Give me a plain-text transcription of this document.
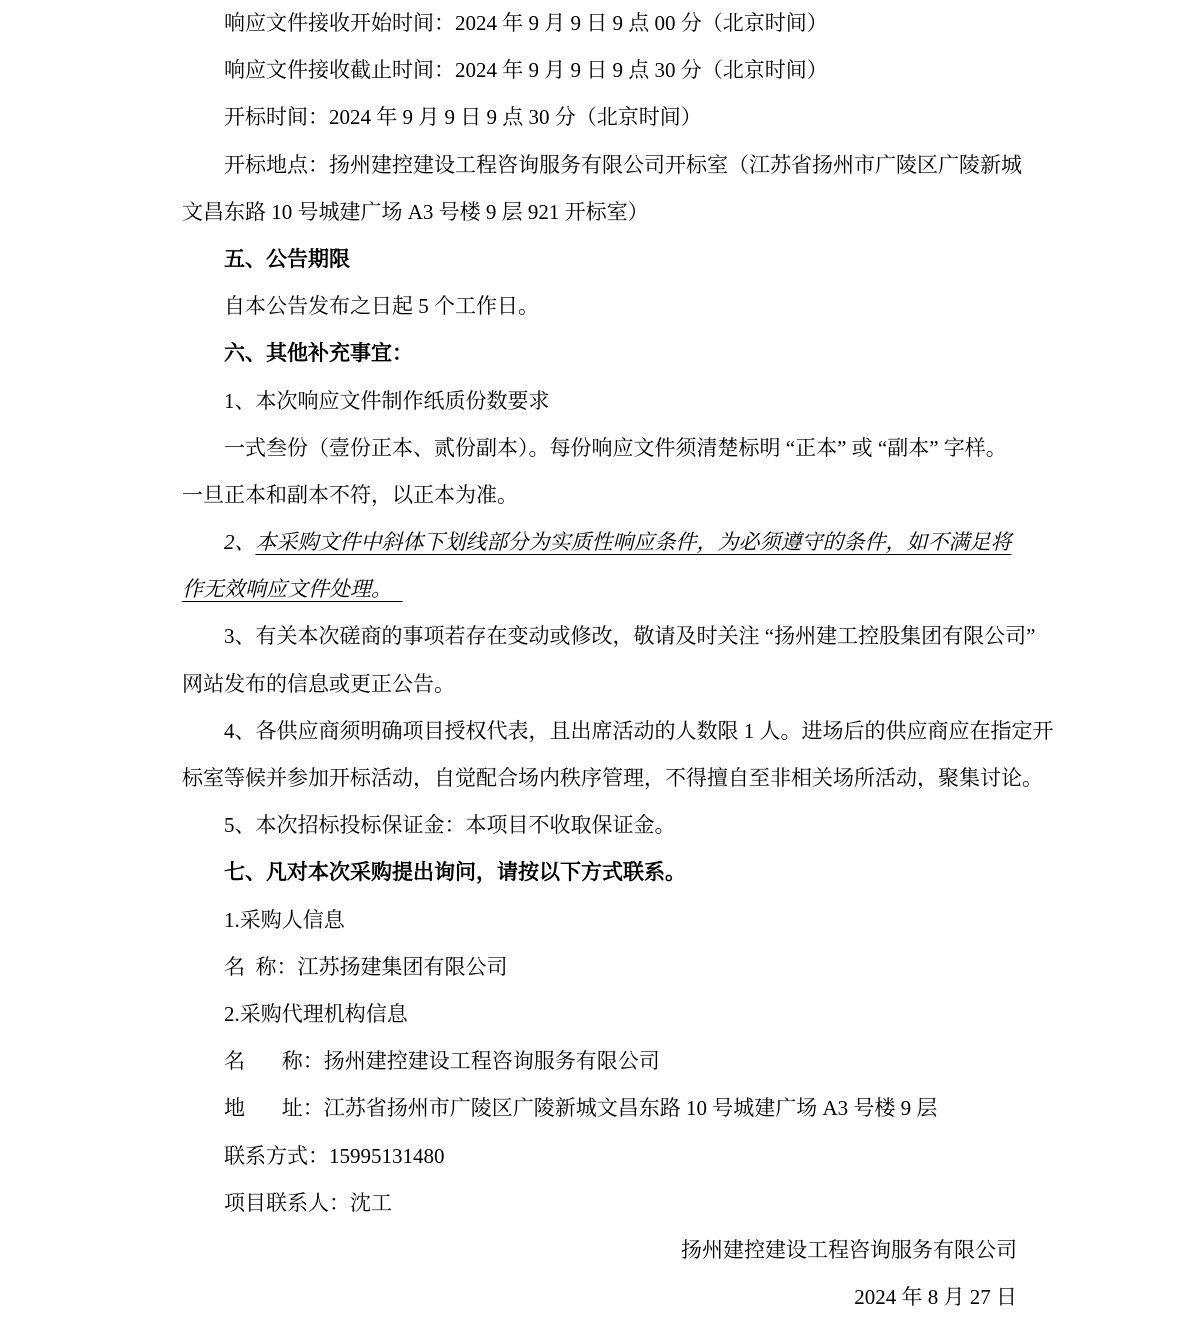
响应文件接收开始时间：2024 年 9 月 9 日 9 点 00 分（北京时间）
响应文件接收截止时间：2024 年 9 月 9 日 9 点 30 分（北京时间）
开标时间：2024 年 9 月 9 日 9 点 30 分（北京时间）
开标地点：扬州建控建设工程咨询服务有限公司开标室（江苏省扬州市广陵区广陵新城
文昌东路 10 号城建广场 A3 号楼 9 层 921 开标室）
五、公告期限
自本公告发布之日起 5 个工作日。
六、其他补充事宜：
1、本次响应文件制作纸质份数要求
一式叁份（壹份正本、贰份副本）。每份响应文件须清楚标明 “正本” 或 “副本” 字样。
一旦正本和副本不符，以正本为准。
2、本采购文件中斜体下划线部分为实质性响应条件，为必须遵守的条件，如不满足将
作无效响应文件处理。
3、有关本次磋商的事项若存在变动或修改，敬请及时关注 “扬州建工控股集团有限公司”
网站发布的信息或更正公告。
4、各供应商须明确项目授权代表，且出席活动的人数限 1 人。进场后的供应商应在指定开
标室等候并参加开标活动，自觉配合场内秩序管理，不得擅自至非相关场所活动，聚集讨论。
5、本次招标投标保证金：本项目不收取保证金。
七、凡对本次采购提出询问，请按以下方式联系。
1.采购人信息
名  称：江苏扬建集团有限公司
2.采购代理机构信息
名       称：扬州建控建设工程咨询服务有限公司
地       址：江苏省扬州市广陵区广陵新城文昌东路 10 号城建广场 A3 号楼 9 层
联系方式：15995131480
项目联系人：沈工
扬州建控建设工程咨询服务有限公司
2024 年 8 月 27 日
